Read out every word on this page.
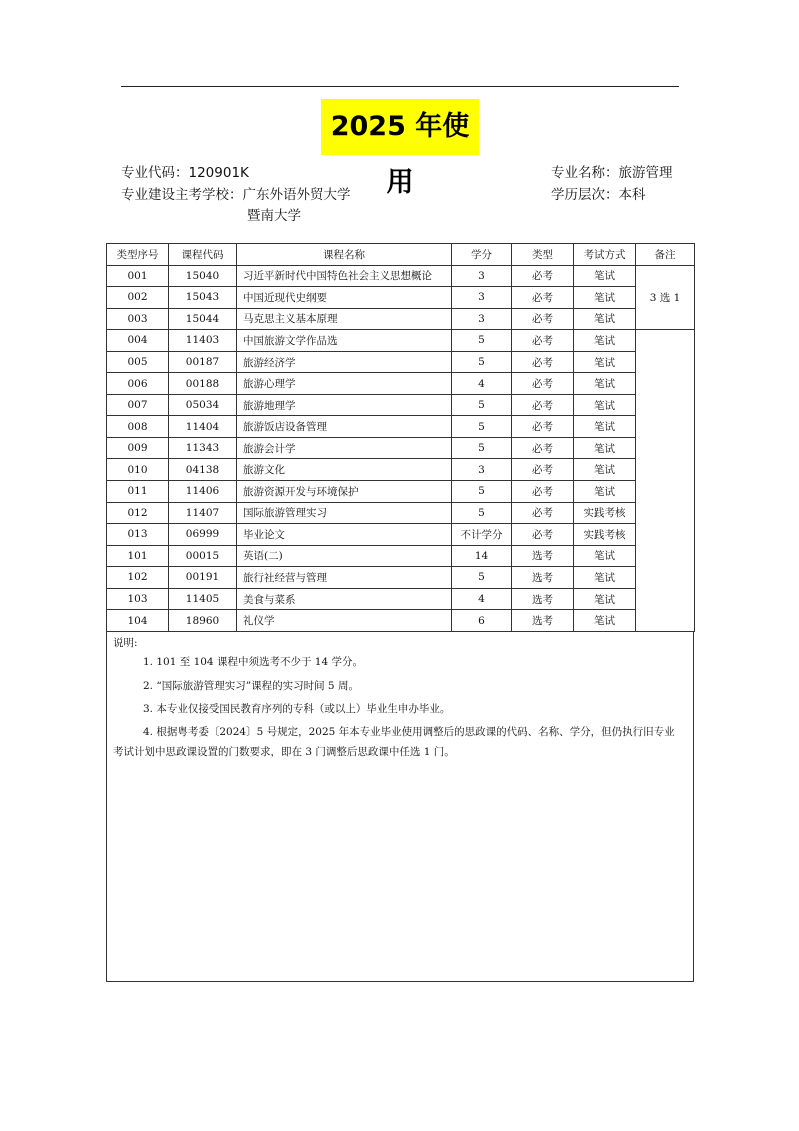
2025 年使用
专业代码：120901K	专业名称：旅游管理
专业建设主考学校：广东外语外贸大学	学历层次：本科
暨南大学
类型序号	课程代码	课程名称	学分	类型	考试方式	备注
001	15040	习近平新时代中国特色社会主义思想概论	3	必考	笔试	3 选 1
002	15043	中国近现代史纲要	3	必考	笔试	
003	15044	马克思主义基本原理	3	必考	笔试	
004	11403	中国旅游文学作品选	5	必考	笔试	
005	00187	旅游经济学	5	必考	笔试	
006	00188	旅游心理学	4	必考	笔试	
007	05034	旅游地理学	5	必考	笔试	
008	11404	旅游饭店设备管理	5	必考	笔试	
009	11343	旅游会计学	5	必考	笔试	
010	04138	旅游文化	3	必考	笔试	
011	11406	旅游资源开发与环境保护	5	必考	笔试	
012	11407	国际旅游管理实习	5	必考	实践考核	
013	06999	毕业论文	不计学分	必考	实践考核	
101	00015	英语(二)	14	选考	笔试	
102	00191	旅行社经营与管理	5	选考	笔试	
103	11405	美食与菜系	4	选考	笔试	
104	18960	礼仪学	6	选考	笔试	
说明:
1. 101 至 104 课程中须选考不少于 14 学分。
2. “国际旅游管理实习”课程的实习时间 5 周。
3. 本专业仅接受国民教育序列的专科（或以上）毕业生申办毕业。
4. 根据粤考委〔2024〕5 号规定，2025 年本专业毕业使用调整后的思政课的代码、名称、学分，但仍执行旧专业考试计划中思政课设置的门数要求，即在 3 门调整后思政课中任选 1 门。
